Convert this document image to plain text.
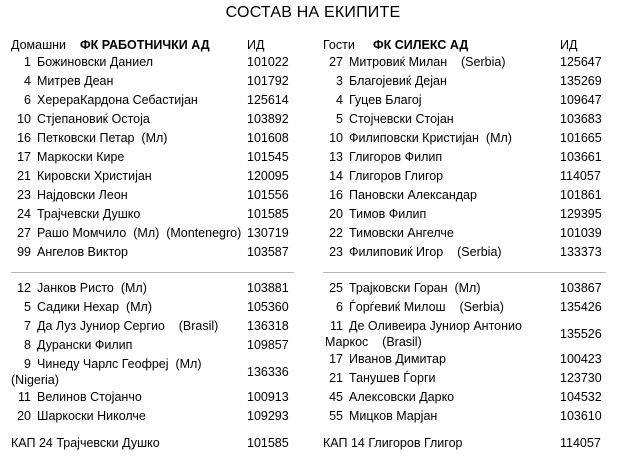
СОСТАВ НА ЕКИПИТЕ
Домашни ФК РАБОТНИЧКИ АД	ИД
1 Божиновски Даниел	101022
4 Митрев Деан	101792
6 ХерераКардона Себастијан	125614
10 Стјепановиќ Остоја	103892
16 Петковски Петар  (Мл)	101608
17 Маркоски Кире	101545
21 Кировски Христијан	120095
23 Најдовски Леон	101556
24 Трајчевски Душко	101585
27 Рашо Момчило  (Мл)  (Montenegro) 130719
99 Ангелов Виктор	103587
12 Јанков Ристо  (Мл)	103881
5 Садики Нехар  (Мл)	105360
7 Да Луз Јуниор Сергио    (Brasil) 136318
8 Дурански Филип	109857
9 Чинеду Чарлс Геофреј  (Мл)
(Nigeria)
136336
11 Велинов Стојанчо	100913
20 Шаркоски Николче	109293
КАП 24 Трајчевски Душко	101585
Гости ФК СИЛЕКС АД	ИД
27 Митровиќ Милан    (Serbia)	125647
3 Благојевиќ Дејан	135269
4 Гуцев Благој	109647
5 Стојчевски Стојан	103683
10 Филиповски Кристијан  (Мл)	101665
13 Глигоров Филип	103661
14 Глигоров Глигор	114057
16 Пановски Александар	101861
20 Тимов Филип	129395
22 Тимовски Ангелче	101039
23 Филиповиќ Игор    (Serbia)	133373
25 Трајковски Горан  (Мл)	103867
6 Ѓорѓевиќ Милош    (Serbia)	135426
11 Де Оливеира Јуниор Антонио
Маркос    (Brasil)
135526
17 Иванов Димитар	100423
21 Танушев Ѓорги	123730
45 Алексовски Дарко	104532
55 Мицков Марјан	103610
КАП 14 Глигоров Глигор	114057
